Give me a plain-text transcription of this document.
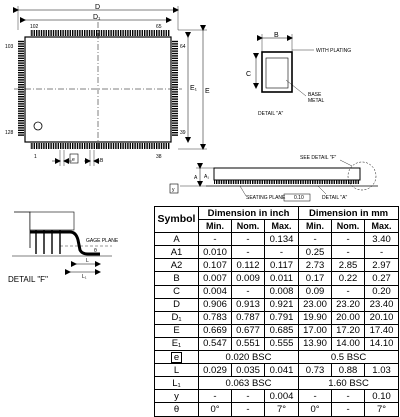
D
D₁
E₁ E
102	65
103
128
64
39
1	38
e	B
B
C
WITH PLATING
BASE
METAL
DETAIL "A"
SEE DETAIL "F"
A A₁
y
SEATING PLANE 0.10	DETAIL "A"
GAGE PLANE
θ
L
L₁
DETAIL "F"
Symbol	Dimension in inch			Dimension in mm		
	Min.	Nom.	Max.	Min.	Nom.	Max.
A	-	-	0.134	-	-	3.40
A1	0.010	-	-	0.25	-	-
A2	0.107	0.112	0.117	2.73	2.85	2.97
B	0.007	0.009	0.011	0.17	0.22	0.27
C	0.004	-	0.008	0.09	-	0.20
D	0.906	0.913	0.921	23.00	23.20	23.40
D₁	0.783	0.787	0.791	19.90	20.00	20.10
E	0.669	0.677	0.685	17.00	17.20	17.40
E₁	0.547	0.551	0.555	13.90	14.00	14.10
e	0.020 BSC			0.5 BSC		
L	0.029	0.035	0.041	0.73	0.88	1.03
L₁	0.063 BSC			1.60 BSC		
y	-	-	0.004	-	-	0.10
θ	0°	-	7°	0°	-	7°
